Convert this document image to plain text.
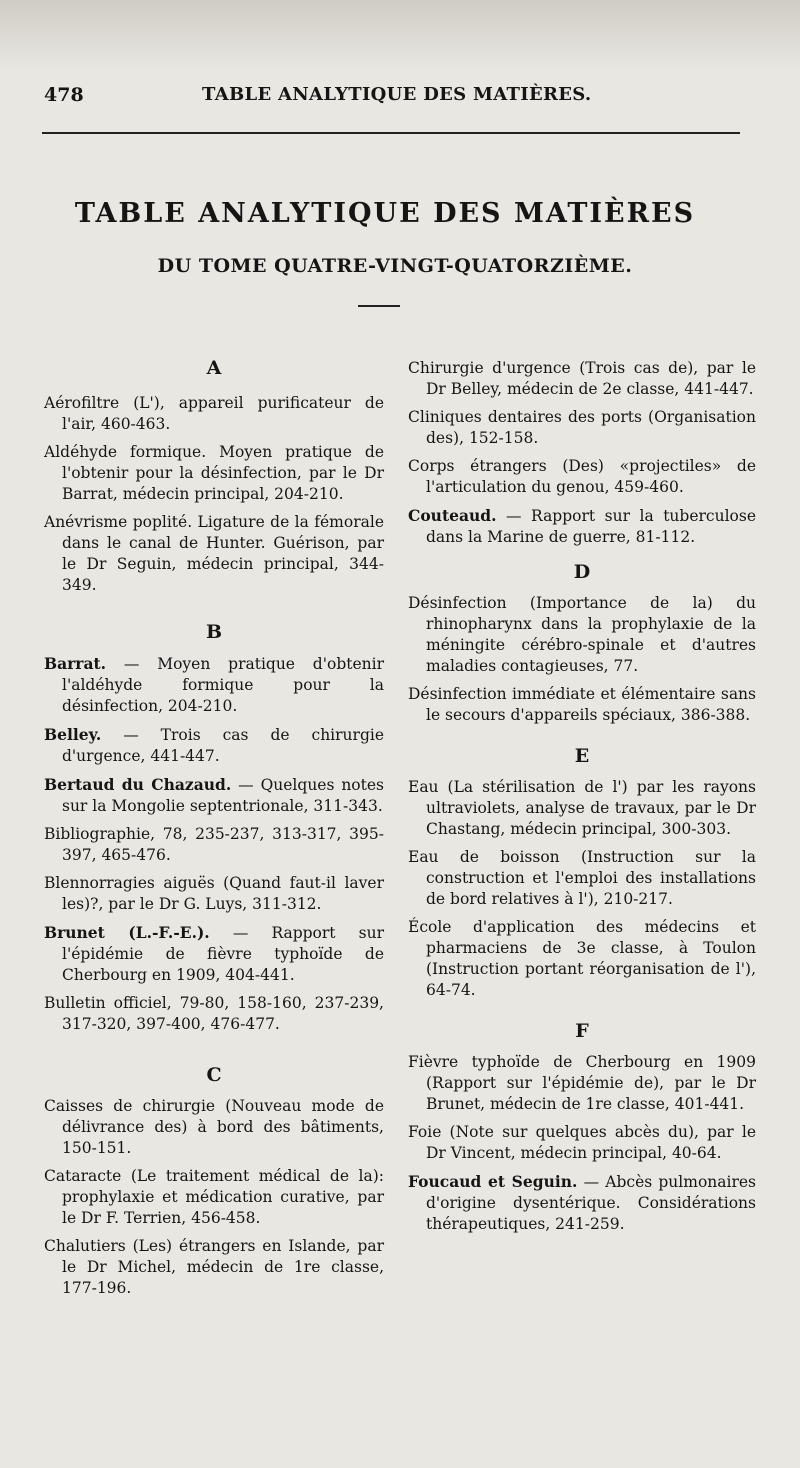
478	TABLE ANALYTIQUE DES MATIÈRES.
TABLE ANALYTIQUE DES MATIÈRES
DU TOME QUATRE-VINGT-QUATORZIÈME.

A

Aérofiltre (L'), appareil purificateur de l'air, 460-463.

Aldéhyde formique. Moyen pratique de l'obtenir pour la désinfection, par le Dr Barrat, médecin principal, 204-210.

Anévrisme poplité. Ligature de la fémorale dans le canal de Hunter. Guérison, par le Dr Seguin, médecin principal, 344-349.

B

Barrat. — Moyen pratique d'obtenir l'aldéhyde formique pour la désinfection, 204-210.

Belley. — Trois cas de chirurgie d'urgence, 441-447.

Bertaud du Chazaud. — Quelques notes sur la Mongolie septentrionale, 311-343.

Bibliographie, 78, 235-237, 313-317, 395-397, 465-476.

Blennorragies aiguës (Quand faut-il laver les)?, par le Dr G. Luys, 311-312.

Brunet (L.-F.-E.). — Rapport sur l'épidémie de fièvre typhoïde de Cherbourg en 1909, 404-441.

Bulletin officiel, 79-80, 158-160, 237-239, 317-320, 397-400, 476-477.

C

Caisses de chirurgie (Nouveau mode de délivrance des) à bord des bâtiments, 150-151.

Cataracte (Le traitement médical de la): prophylaxie et médication curative, par le Dr F. Terrien, 456-458.

Chalutiers (Les) étrangers en Islande, par le Dr Michel, médecin de 1re classe, 177-196.

Chirurgie d'urgence (Trois cas de), par le Dr Belley, médecin de 2e classe, 441-447.

Cliniques dentaires des ports (Organisation des), 152-158.

Corps étrangers (Des) «projectiles» de l'articulation du genou, 459-460.

Couteaud. — Rapport sur la tuberculose dans la Marine de guerre, 81-112.

D

Désinfection (Importance de la) du rhinopharynx dans la prophylaxie de la méningite cérébro-spinale et d'autres maladies contagieuses, 77.

Désinfection immédiate et élémentaire sans le secours d'appareils spéciaux, 386-388.

E

Eau (La stérilisation de l') par les rayons ultraviolets, analyse de travaux, par le Dr Chastang, médecin principal, 300-303.

Eau de boisson (Instruction sur la construction et l'emploi des installations de bord relatives à l'), 210-217.

École d'application des médecins et pharmaciens de 3e classe, à Toulon (Instruction portant réorganisation de l'), 64-74.

F

Fièvre typhoïde de Cherbourg en 1909 (Rapport sur l'épidémie de), par le Dr Brunet, médecin de 1re classe, 401-441.

Foie (Note sur quelques abcès du), par le Dr Vincent, médecin principal, 40-64.

Foucaud et Seguin. — Abcès pulmonaires d'origine dysentérique. Considérations thérapeutiques, 241-259.
